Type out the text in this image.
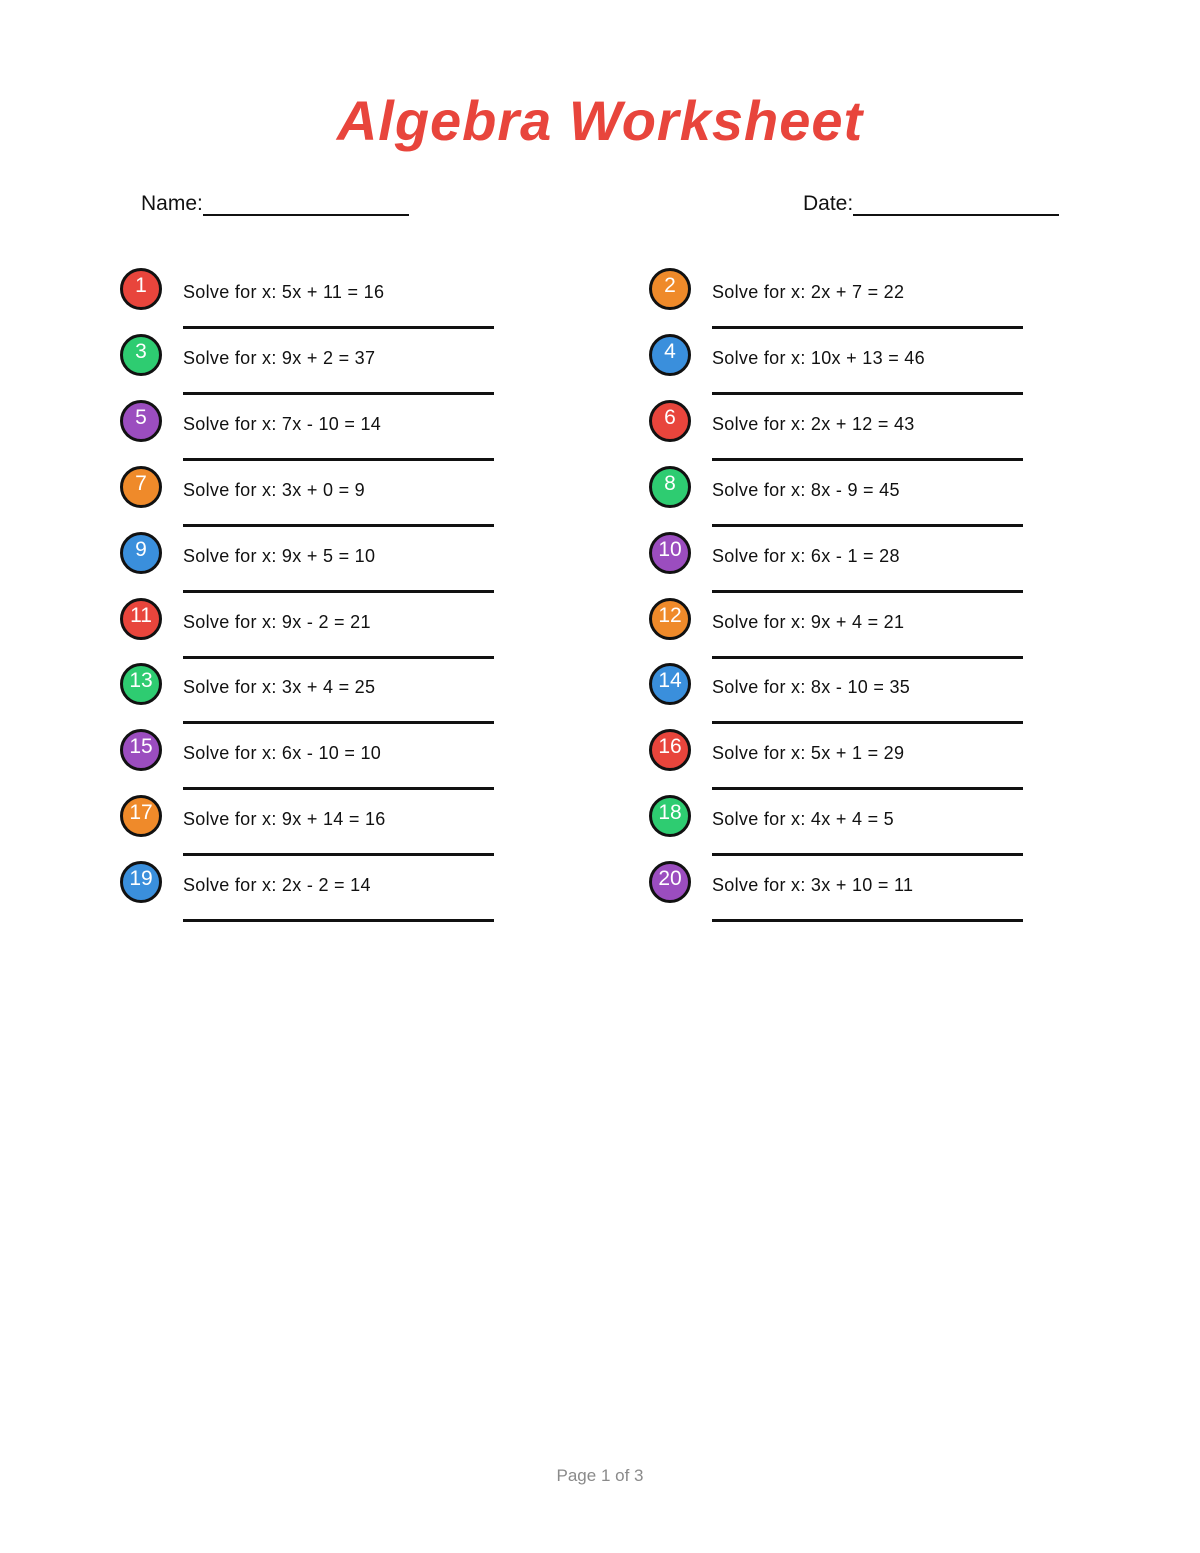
Algebra Worksheet
Name:	Date:
1	Solve for x: 5x + 11 = 16	2	Solve for x: 2x + 7 = 22
3	Solve for x: 9x + 2 = 37	4	Solve for x: 10x + 13 = 46
5	Solve for x: 7x - 10 = 14	6	Solve for x: 2x + 12 = 43
7	Solve for x: 3x + 0 = 9	8	Solve for x: 8x - 9 = 45
9	Solve for x: 9x + 5 = 10	10	Solve for x: 6x - 1 = 28
11	Solve for x: 9x - 2 = 21	12	Solve for x: 9x + 4 = 21
13	Solve for x: 3x + 4 = 25	14	Solve for x: 8x - 10 = 35
15	Solve for x: 6x - 10 = 10	16	Solve for x: 5x + 1 = 29
17	Solve for x: 9x + 14 = 16	18	Solve for x: 4x + 4 = 5
19	Solve for x: 2x - 2 = 14	20	Solve for x: 3x + 10 = 11
Page 1 of 3
